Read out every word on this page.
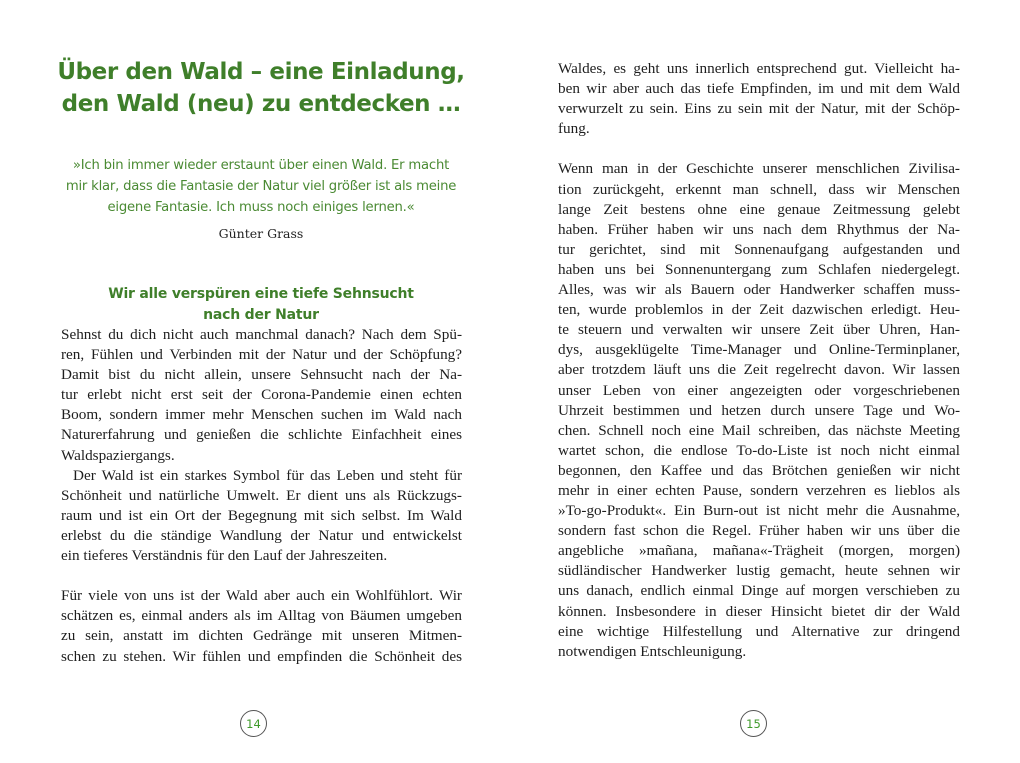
Über den Wald – eine Einladung,
den Wald (neu) zu entdecken …
»Ich bin immer wieder erstaunt über einen Wald. Er macht
mir klar, dass die Fantasie der Natur viel größer ist als meine
eigene Fantasie. Ich muss noch einiges lernen.«
Günter Grass
Wir alle verspüren eine tiefe Sehnsucht
nach der Natur
Sehnst du dich nicht auch manchmal danach? Nach dem Spü-
ren, Fühlen und Verbinden mit der Natur und der Schöpfung?
Damit bist du nicht allein, unsere Sehnsucht nach der Na-
tur erlebt nicht erst seit der Corona-Pandemie einen echten
Boom, sondern immer mehr Menschen suchen im Wald nach
Naturerfahrung und genießen die schlichte Einfachheit eines
Waldspaziergangs.
Der Wald ist ein starkes Symbol für das Leben und steht für
Schönheit und natürliche Umwelt. Er dient uns als Rückzugs-
raum und ist ein Ort der Begegnung mit sich selbst. Im Wald
erlebst du die ständige Wandlung der Natur und entwickelst
ein tieferes Verständnis für den Lauf der Jahreszeiten.
Für viele von uns ist der Wald aber auch ein Wohlfühlort. Wir
schätzen es, einmal anders als im Alltag von Bäumen umgeben
zu sein, anstatt im dichten Gedränge mit unseren Mitmen-
schen zu stehen. Wir fühlen und empfinden die Schönheit des
14
Waldes, es geht uns innerlich entsprechend gut. Vielleicht ha-
ben wir aber auch das tiefe Empfinden, im und mit dem Wald
verwurzelt zu sein. Eins zu sein mit der Natur, mit der Schöp-
fung.
Wenn man in der Geschichte unserer menschlichen Zivilisa-
tion zurückgeht, erkennt man schnell, dass wir Menschen
lange Zeit bestens ohne eine genaue Zeitmessung gelebt
haben. Früher haben wir uns nach dem Rhythmus der Na-
tur gerichtet, sind mit Sonnenaufgang aufgestanden und
haben uns bei Sonnenuntergang zum Schlafen niedergelegt.
Alles, was wir als Bauern oder Handwerker schaffen muss-
ten, wurde problemlos in der Zeit dazwischen erledigt. Heu-
te steuern und verwalten wir unsere Zeit über Uhren, Han-
dys, ausgeklügelte Time-Manager und Online-Terminplaner,
aber trotzdem läuft uns die Zeit regelrecht davon. Wir lassen
unser Leben von einer angezeigten oder vorgeschriebenen
Uhrzeit bestimmen und hetzen durch unsere Tage und Wo-
chen. Schnell noch eine Mail schreiben, das nächste Meeting
wartet schon, die endlose To-do-Liste ist noch nicht einmal
begonnen, den Kaffee und das Brötchen genießen wir nicht
mehr in einer echten Pause, sondern verzehren es lieblos als
»To-go-Produkt«. Ein Burn-out ist nicht mehr die Ausnahme,
sondern fast schon die Regel. Früher haben wir uns über die
angebliche »mañana, mañana«-Trägheit (morgen, morgen)
südländischer Handwerker lustig gemacht, heute sehnen wir
uns danach, endlich einmal Dinge auf morgen verschieben zu
können. Insbesondere in dieser Hinsicht bietet dir der Wald
eine wichtige Hilfestellung und Alternative zur dringend
notwendigen Entschleunigung.
15
